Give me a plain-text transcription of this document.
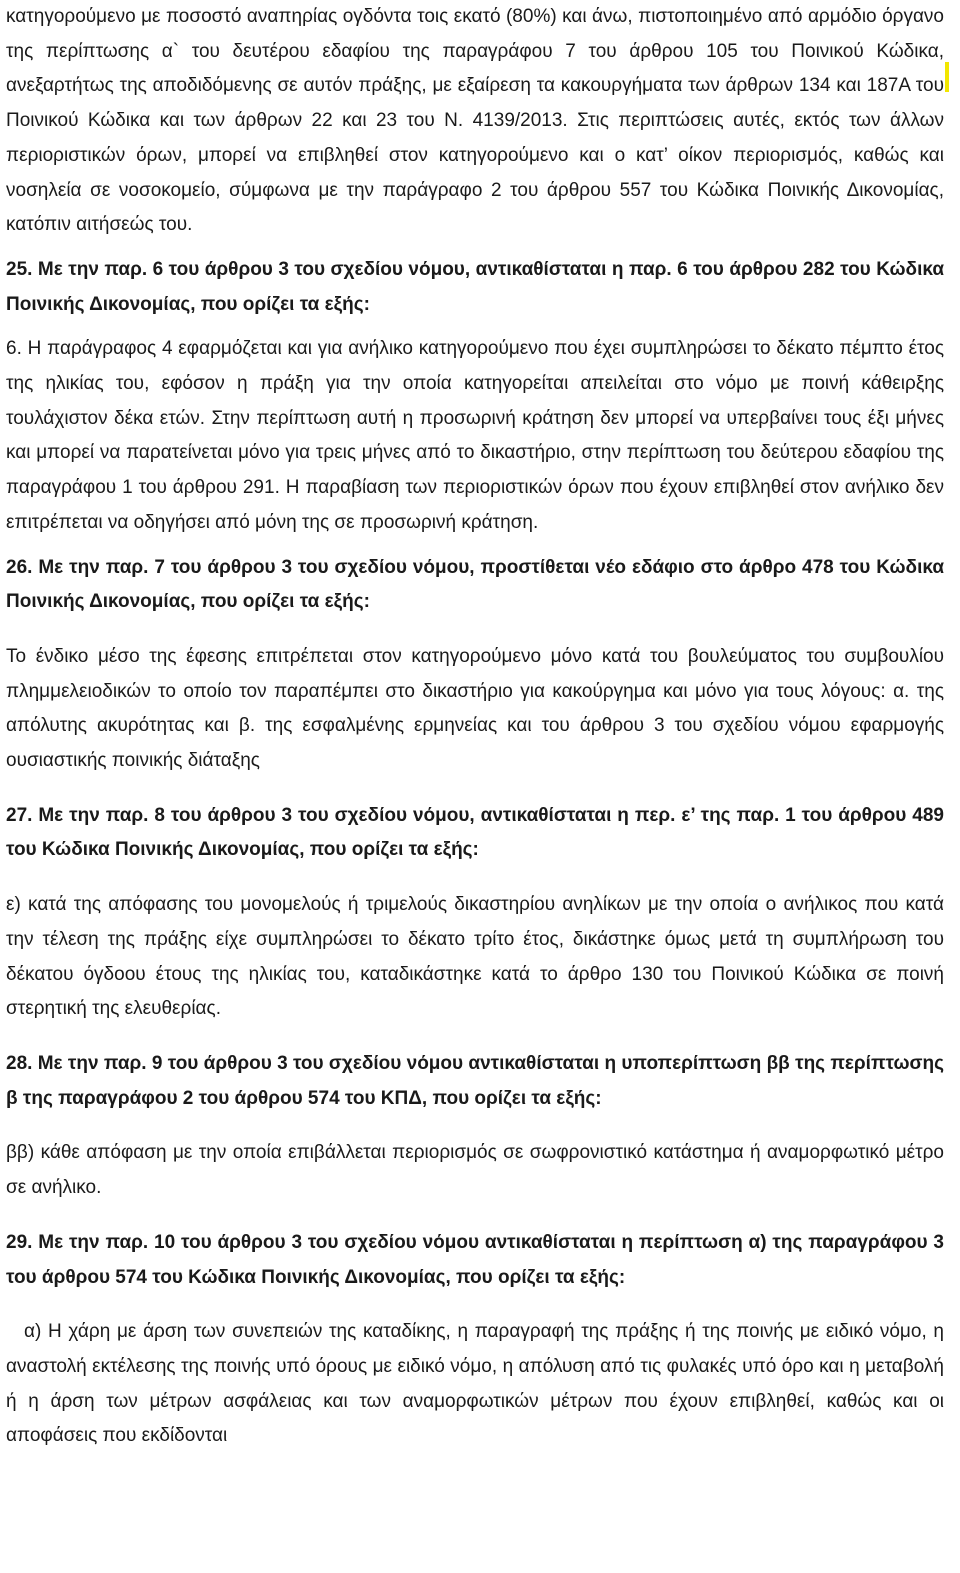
κατηγορούμενο με ποσοστό αναπηρίας ογδόντα τοις εκατό (80%) και άνω, πιστοποιημένο από αρμόδιο όργανο της περίπτωσης α` του δευτέρου εδαφίου της παραγράφου 7 του άρθρου 105 του Ποινικού Κώδικα, ανεξαρτήτως της αποδιδόμενης σε αυτόν πράξης, με εξαίρεση τα κακουργήματα των άρθρων 134 και 187Α του Ποινικού Κώδικα και των άρθρων 22 και 23 του Ν. 4139/2013. Στις περιπτώσεις αυτές, εκτός των άλλων περιοριστικών όρων, μπορεί να επιβληθεί στον κατηγορούμενο και ο κατ’ οίκον περιορισμός, καθώς και νοσηλεία σε νοσοκομείο, σύμφωνα με την παράγραφο 2 του άρθρου 557 του Κώδικα Ποινικής Δικονομίας, κατόπιν αιτήσεώς του.

25. Με την παρ. 6 του άρθρου 3 του σχεδίου νόμου, αντικαθίσταται η παρ. 6 του άρθρου 282 του Κώδικα Ποινικής Δικονομίας, που ορίζει τα εξής:

6. Η παράγραφος 4 εφαρμόζεται και για ανήλικο κατηγορούμενο που έχει συμπληρώσει το δέκατο πέμπτο έτος της ηλικίας του, εφόσον η πράξη για την οποία κατηγορείται απειλείται στο νόμο με ποινή κάθειρξης τουλάχιστον δέκα ετών. Στην περίπτωση αυτή η προσωρινή κράτηση δεν μπορεί να υπερβαίνει τους έξι μήνες και μπορεί να παρατείνεται μόνο για τρεις μήνες από το δικαστήριο, στην περίπτωση του δεύτερου εδαφίου της παραγράφου 1 του άρθρου 291. Η παραβίαση των περιοριστικών όρων που έχουν επιβληθεί στον ανήλικο δεν επιτρέπεται να οδηγήσει από μόνη της σε προσωρινή κράτηση.

26. Με την παρ. 7 του άρθρου 3 του σχεδίου νόμου, προστίθεται νέο εδάφιο στο άρθρο 478 του Κώδικα Ποινικής Δικονομίας, που ορίζει τα εξής:

Το ένδικο μέσο της έφεσης επιτρέπεται στον κατηγορούμενο μόνο κατά του βουλεύματος του συμβουλίου πλημμελειοδικών το οποίο τον παραπέμπει στο δικαστήριο για κακούργημα και μόνο για τους λόγους: α. της απόλυτης ακυρότητας και β. της εσφαλμένης ερμηνείας και του άρθρου 3 του σχεδίου νόμου εφαρμογής ουσιαστικής ποινικής διάταξης

27. Με την παρ. 8 του άρθρου 3 του σχεδίου νόμου, αντικαθίσταται η περ. ε’ της παρ. 1 του άρθρου 489 του Κώδικα Ποινικής Δικονομίας, που ορίζει τα εξής:

ε) κατά της απόφασης του μονομελούς ή τριμελούς δικαστηρίου ανηλίκων με την οποία ο ανήλικος που κατά την τέλεση της πράξης είχε συμπληρώσει το δέκατο τρίτο έτος, δικάστηκε όμως μετά τη συμπλήρωση του δέκατου όγδοου έτους της ηλικίας του, καταδικάστηκε κατά το άρθρο 130 του Ποινικού Κώδικα σε ποινή στερητική της ελευθερίας.

28. Με την παρ. 9 του άρθρου 3 του σχεδίου νόμου αντικαθίσταται η υποπερίπτωση ββ της περίπτωσης β της παραγράφου 2 του άρθρου 574 του ΚΠΔ, που ορίζει τα εξής:

ββ) κάθε απόφαση με την οποία επιβάλλεται περιορισμός σε σωφρονιστικό κατάστημα ή αναμορφωτικό μέτρο σε ανήλικο.

29. Με την παρ. 10 του άρθρου 3 του σχεδίου νόμου αντικαθίσταται η περίπτωση α) της παραγράφου 3 του άρθρου 574 του Κώδικα Ποινικής Δικονομίας, που ορίζει τα εξής:

α) Η χάρη με άρση των συνεπειών της καταδίκης, η παραγραφή της πράξης ή της ποινής με ειδικό νόμο, η αναστολή εκτέλεσης της ποινής υπό όρους με ειδικό νόμο, η απόλυση από τις φυλακές υπό όρο και η μεταβολή ή η άρση των μέτρων ασφάλειας και των αναμορφωτικών μέτρων που έχουν επιβληθεί, καθώς και οι αποφάσεις που εκδίδονται
